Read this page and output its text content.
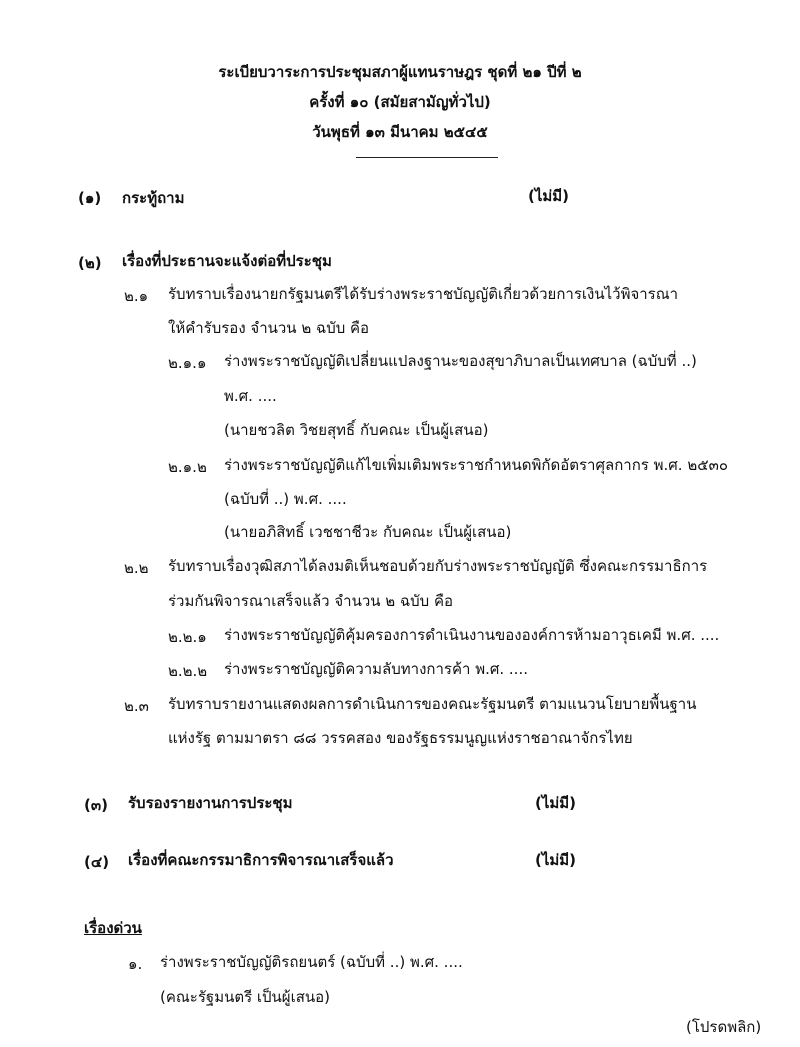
ระเบียบวาระการประชุมสภาผู้แทนราษฎร ชุดที่ ๒๑ ปีที่ ๒
ครั้งที่ ๑๐ (สมัยสามัญทั่วไป)
วันพุธที่ ๑๓ มีนาคม ๒๕๔๕
(๑) กระทู้ถาม	(ไม่มี)
(๒) เรื่องที่ประธานจะแจ้งต่อที่ประชุม
๒.๑ รับทราบเรื่องนายกรัฐมนตรีได้รับร่างพระราชบัญญัติเกี่ยวด้วยการเงินไว้พิจารณา
ให้คำรับรอง จำนวน ๒ ฉบับ คือ
๒.๑.๑ ร่างพระราชบัญญัติเปลี่ยนแปลงฐานะของสุขาภิบาลเป็นเทศบาล (ฉบับที่ ..)
พ.ศ. ....
(นายชวลิต วิชยสุทธิ์ กับคณะ เป็นผู้เสนอ)
๒.๑.๒ ร่างพระราชบัญญัติแก้ไขเพิ่มเติมพระราชกำหนดพิกัดอัตราศุลกากร พ.ศ. ๒๕๓๐
(ฉบับที่ ..) พ.ศ. ....
(นายอภิสิทธิ์ เวชชาชีวะ กับคณะ เป็นผู้เสนอ)
๒.๒ รับทราบเรื่องวุฒิสภาได้ลงมติเห็นชอบด้วยกับร่างพระราชบัญญัติ ซึ่งคณะกรรมาธิการ
ร่วมกันพิจารณาเสร็จแล้ว จำนวน ๒ ฉบับ คือ
๒.๒.๑ ร่างพระราชบัญญัติคุ้มครองการดำเนินงานขององค์การห้ามอาวุธเคมี พ.ศ. ....
๒.๒.๒ ร่างพระราชบัญญัติความลับทางการค้า พ.ศ. ....
๒.๓ รับทราบรายงานแสดงผลการดำเนินการของคณะรัฐมนตรี ตามแนวนโยบายพื้นฐาน
แห่งรัฐ ตามมาตรา ๘๘ วรรคสอง ของรัฐธรรมนูญแห่งราชอาณาจักรไทย
(๓) รับรองรายงานการประชุม	(ไม่มี)
(๔) เรื่องที่คณะกรรมาธิการพิจารณาเสร็จแล้ว	(ไม่มี)
เรื่องด่วน
๑. ร่างพระราชบัญญัติรถยนตร์ (ฉบับที่ ..) พ.ศ. ....
(คณะรัฐมนตรี เป็นผู้เสนอ)
(โปรดพลิก)
